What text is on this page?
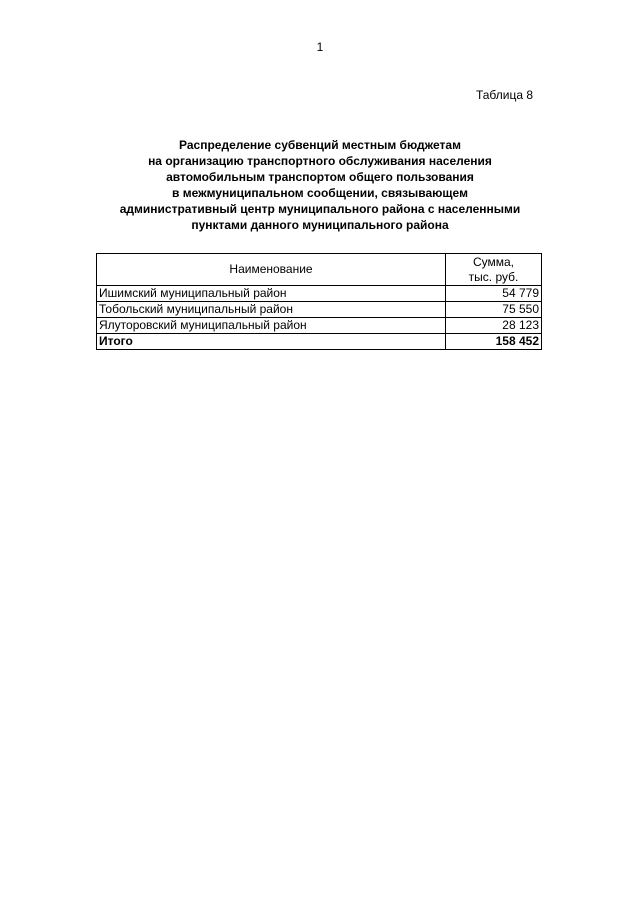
1
Таблица 8
Распределение субвенций местным бюджетам
на организацию транспортного обслуживания населения
автомобильным транспортом общего пользования
в межмуниципальном сообщении, связывающем
административный центр муниципального района с населенными
пунктами данного муниципального района
Наименование	Сумма,
тыс. руб.

Ишимский муниципальный район	54 779
Тобольский муниципальный район	75 550
Ялуторовский муниципальный район	28 123
Итого	158 452
